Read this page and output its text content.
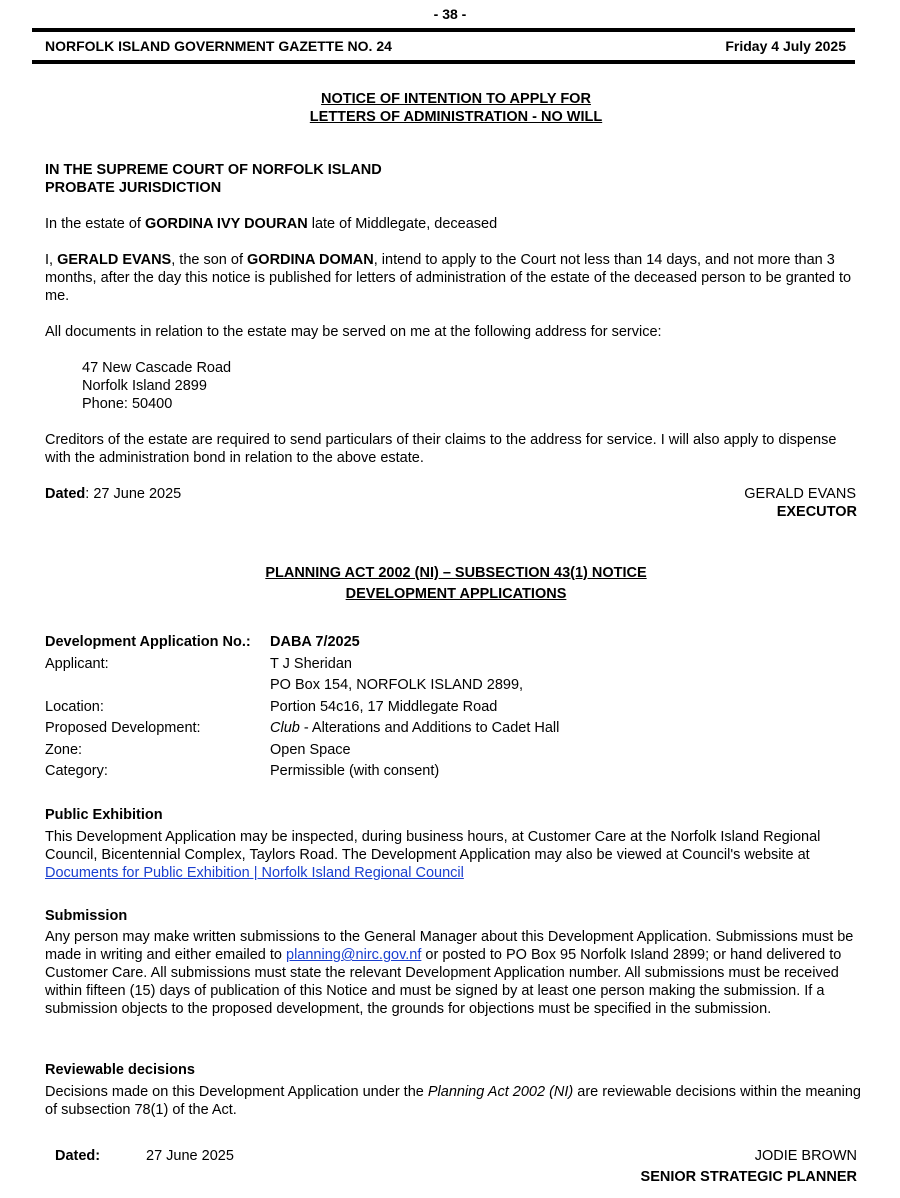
- 38 -
NORFOLK ISLAND GOVERNMENT GAZETTE NO. 24	Friday 4 July 2025
NOTICE OF INTENTION TO APPLY FOR
LETTERS OF ADMINISTRATION - NO WILL
IN THE SUPREME COURT OF NORFOLK ISLAND
PROBATE JURISDICTION
In the estate of GORDINA IVY DOURAN late of Middlegate, deceased
I, GERALD EVANS, the son of GORDINA DOMAN, intend to apply to the Court not less than 14 days, and not more than 3 months, after the day this notice is published for letters of administration of the estate of the deceased person to be granted to me.
All documents in relation to the estate may be served on me at the following address for service:
47 New Cascade Road
Norfolk Island 2899
Phone: 50400
Creditors of the estate are required to send particulars of their claims to the address for service. I will also apply to dispense with the administration bond in relation to the above estate.
Dated: 27 June 2025	GERALD EVANS
EXECUTOR
PLANNING ACT 2002 (NI) – SUBSECTION 43(1) NOTICE
DEVELOPMENT APPLICATIONS
Development Application No.: DABA 7/2025
Applicant:	T J Sheridan
PO Box 154, NORFOLK ISLAND 2899,
Location:	Portion 54c16, 17 Middlegate Road
Proposed Development:	Club - Alterations and Additions to Cadet Hall
Zone:	Open Space
Category:	Permissible (with consent)
Public Exhibition
This Development Application may be inspected, during business hours, at Customer Care at the Norfolk Island Regional Council, Bicentennial Complex, Taylors Road. The Development Application may also be viewed at Council's website at Documents for Public Exhibition | Norfolk Island Regional Council
Submission
Any person may make written submissions to the General Manager about this Development Application. Submissions must be made in writing and either emailed to planning@nirc.gov.nf or posted to PO Box 95 Norfolk Island 2899; or hand delivered to Customer Care. All submissions must state the relevant Development Application number. All submissions must be received within fifteen (15) days of publication of this Notice and must be signed by at least one person making the submission. If a submission objects to the proposed development, the grounds for objections must be specified in the submission.
Reviewable decisions
Decisions made on this Development Application under the Planning Act 2002 (NI) are reviewable decisions within the meaning of subsection 78(1) of the Act.
Dated:	27 June 2025	JODIE BROWN
SENIOR STRATEGIC PLANNER
